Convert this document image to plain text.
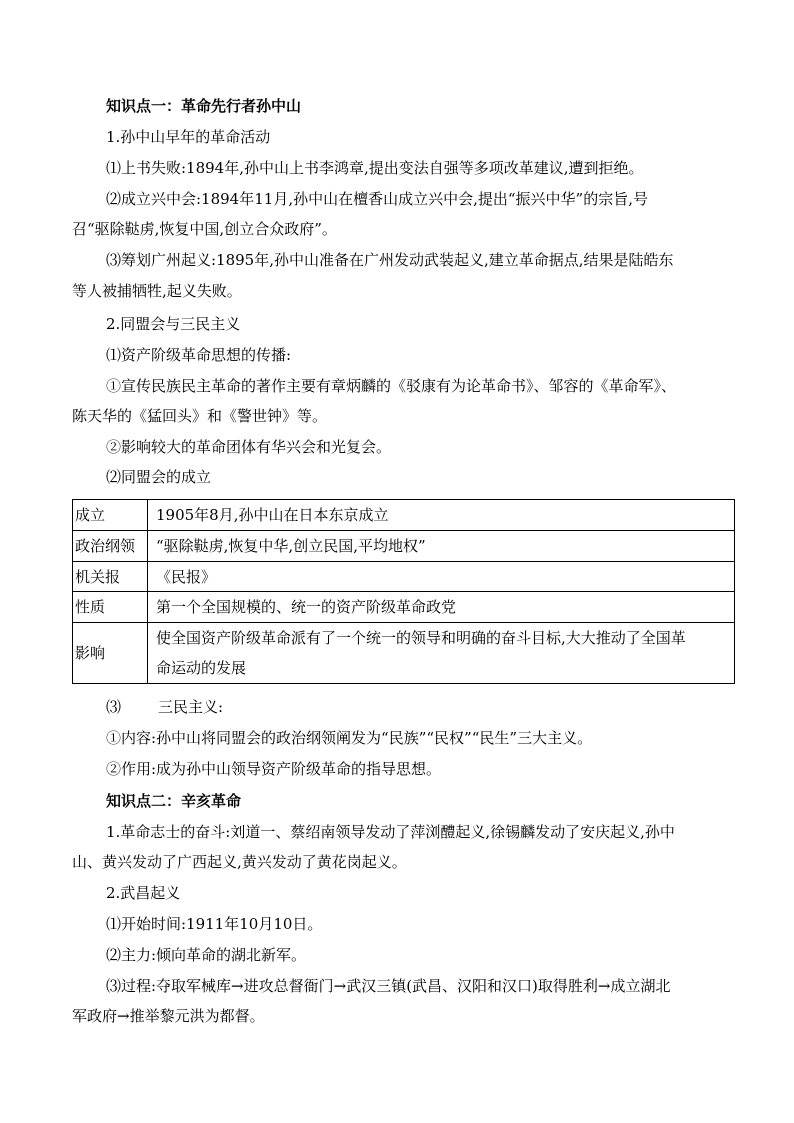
知识点一：革命先行者孙中山
1.孙中山早年的革命活动
⑴上书失败:1894年,孙中山上书李鸿章,提出变法自强等多项改革建议,遭到拒绝。
⑵成立兴中会:1894年11月,孙中山在檀香山成立兴中会,提出“振兴中华”的宗旨,号
召“驱除鞑虏,恢复中国,创立合众政府”。
⑶筹划广州起义:1895年,孙中山准备在广州发动武装起义,建立革命据点,结果是陆皓东
等人被捕牺牲,起义失败。
2.同盟会与三民主义
⑴资产阶级革命思想的传播:
①宣传民族民主革命的著作主要有章炳麟的《驳康有为论革命书》、邹容的《革命军》、
陈天华的《猛回头》和《警世钟》等。
②影响较大的革命团体有华兴会和光复会。
⑵同盟会的成立
成立	1905年8月,孙中山在日本东京成立
政治纲领	“驱除鞑虏,恢复中华,创立民国,平均地权”
机关报	《民报》
性质	第一个全国规模的、统一的资产阶级革命政党
影响	使全国资产阶级革命派有了一个统一的领导和明确的奋斗目标,大大推动了全国革
命运动的发展
⑶ 三民主义:
①内容:孙中山将同盟会的政治纲领阐发为“民族”“民权”“民生”三大主义。
②作用:成为孙中山领导资产阶级革命的指导思想。
知识点二：辛亥革命
1.革命志士的奋斗:刘道一、蔡绍南领导发动了萍浏醴起义,徐锡麟发动了安庆起义,孙中
山、黄兴发动了广西起义,黄兴发动了黄花岗起义。
2.武昌起义
⑴开始时间:1911年10月10日。
⑵主力:倾向革命的湖北新军。
⑶过程:夺取军械库→进攻总督衙门→武汉三镇(武昌、汉阳和汉口)取得胜利→成立湖北
军政府→推举黎元洪为都督。
